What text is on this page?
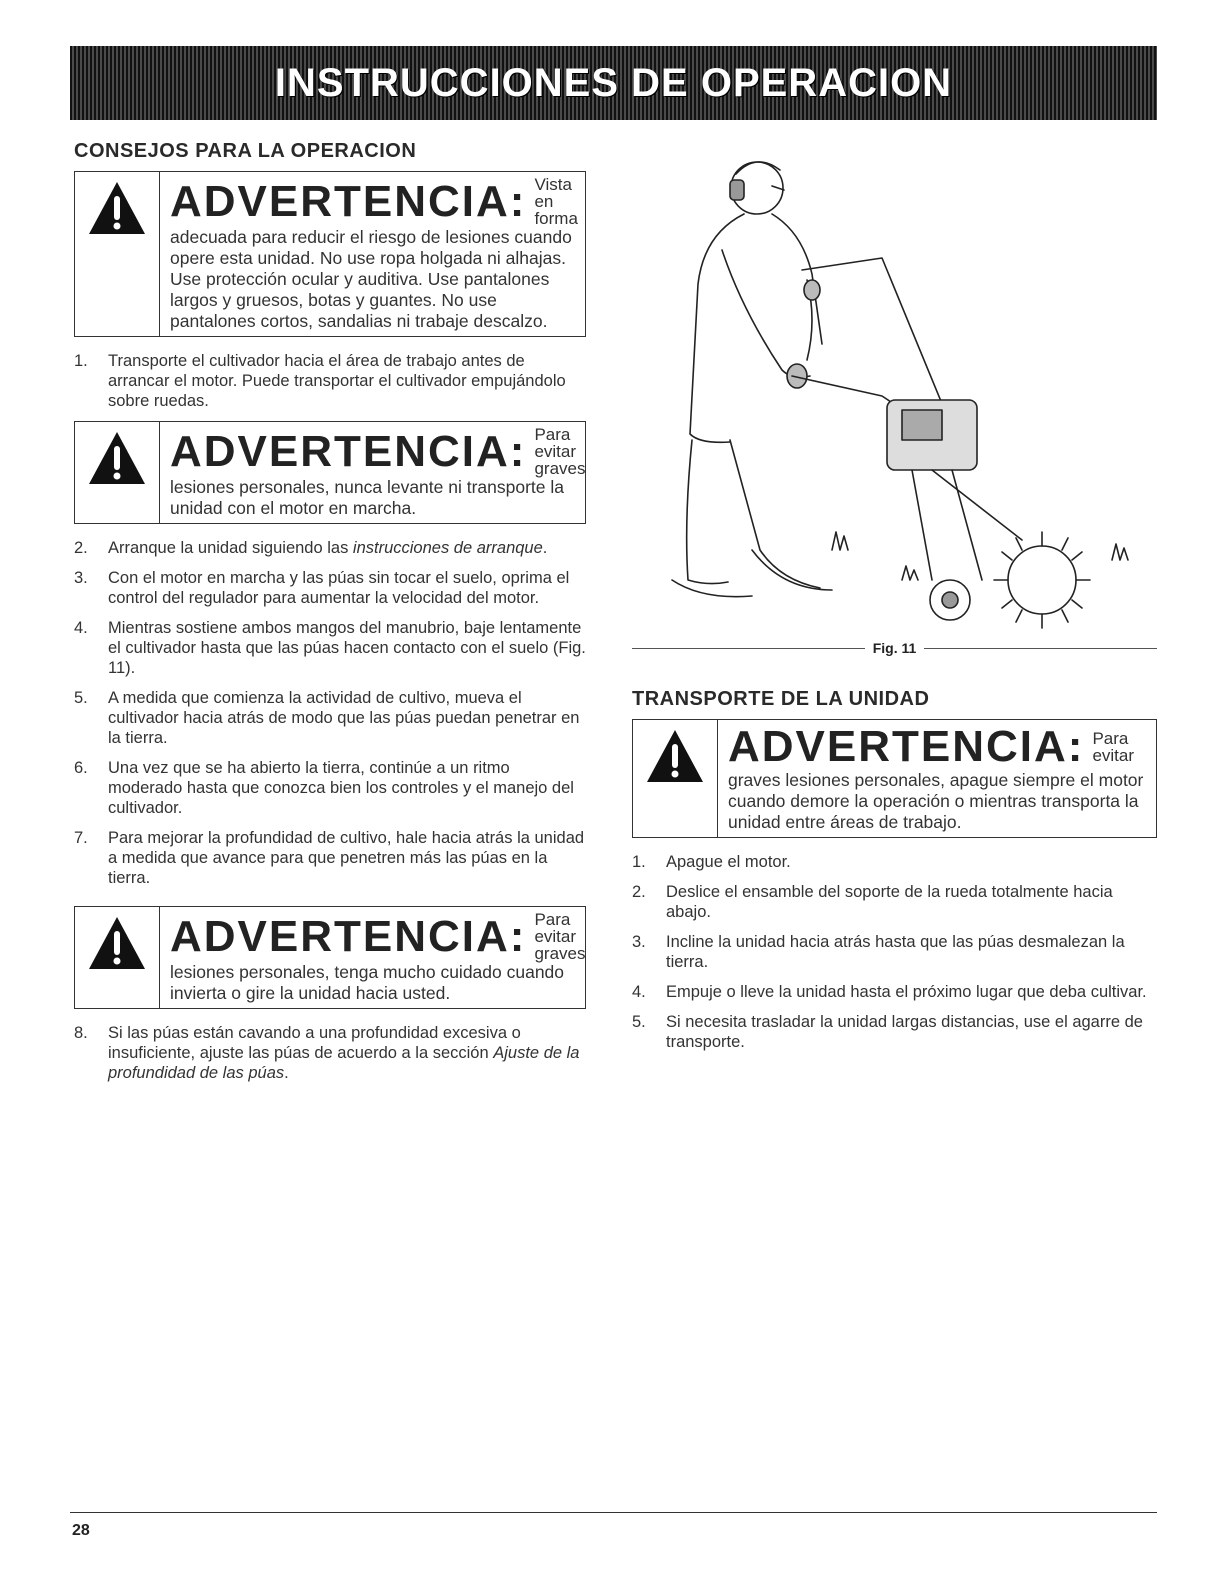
INSTRUCCIONES DE OPERACION
CONSEJOS PARA LA OPERACION
ADVERTENCIA: Vista en forma
adecuada para reducir el riesgo de lesiones cuando opere esta unidad. No use ropa holgada ni alhajas. Use protección ocular y auditiva. Use pantalones largos y gruesos, botas y guantes. No use pantalones cortos, sandalias ni trabaje descalzo.
1.	Transporte el cultivador hacia el área de trabajo antes de arrancar el motor. Puede transportar el cultivador empujándolo sobre ruedas.
ADVERTENCIA: Para evitar graves
lesiones personales, nunca levante ni transporte la unidad con el motor en marcha.
2.	Arranque la unidad siguiendo las instrucciones de arranque.
3.	Con el motor en marcha y las púas sin tocar el suelo, oprima el control del regulador para aumentar la velocidad del motor.
4.	Mientras sostiene ambos mangos del manubrio, baje lentamente el cultivador hasta que las púas hacen contacto con el suelo (Fig. 11).
5.	A medida que comienza la actividad de cultivo, mueva el cultivador hacia atrás de modo que las púas puedan penetrar en la tierra.
6.	Una vez que se ha abierto la tierra, continúe a un ritmo moderado hasta que conozca bien los controles y el manejo del cultivador.
7.	Para mejorar la profundidad de cultivo, hale hacia atrás la unidad a medida que avance para que penetren más las púas en la tierra.
ADVERTENCIA: Para evitar graves
lesiones personales, tenga mucho cuidado cuando invierta o gire la unidad hacia usted.
8.	Si las púas están cavando a una profundidad excesiva o insuficiente, ajuste las púas de acuerdo a la sección Ajuste de la profundidad de las púas.
Fig. 11
TRANSPORTE DE LA UNIDAD
ADVERTENCIA: Para evitar
graves lesiones personales, apague siempre el motor cuando demore la operación o mientras transporta la unidad entre áreas de trabajo.
1.	Apague el motor.
2.	Deslice el ensamble del soporte de la rueda totalmente hacia abajo.
3.	Incline la unidad hacia atrás hasta que las púas desmalezan la tierra.
4.	Empuje o lleve la unidad hasta el próximo lugar que deba cultivar.
5.	Si necesita trasladar la unidad largas distancias, use el agarre de transporte.
28
